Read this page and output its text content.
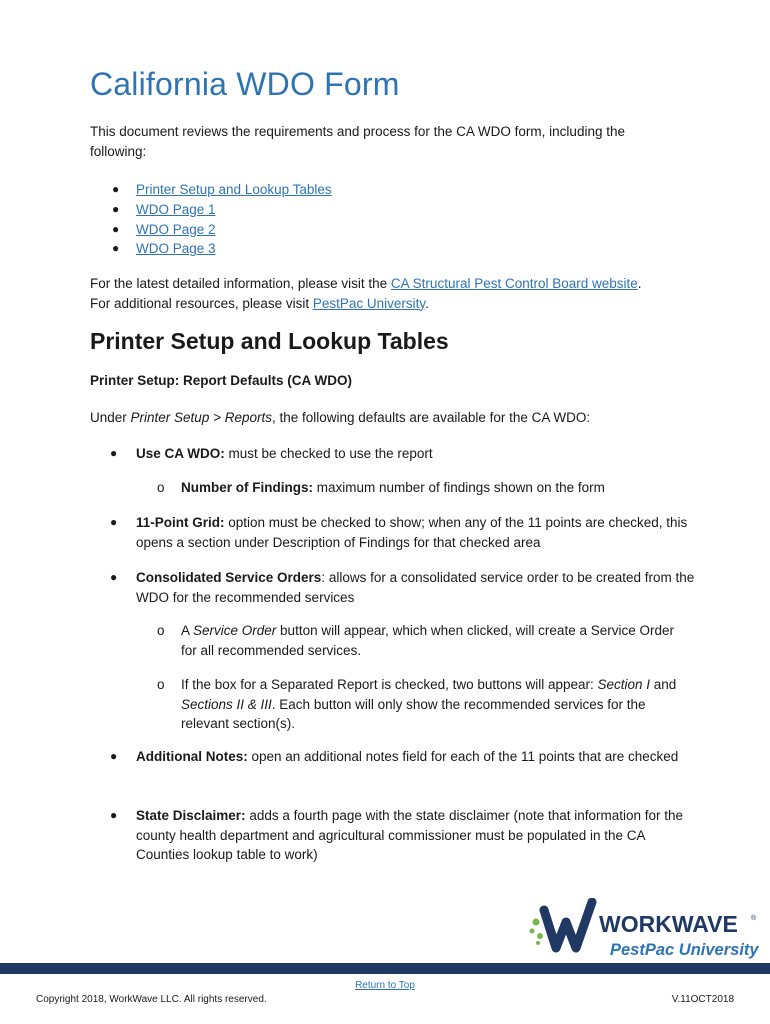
California WDO Form

This document reviews the requirements and process for the CA WDO form, including the
following:

● Printer Setup and Lookup Tables
● WDO Page 1
● WDO Page 2
● WDO Page 3

For the latest detailed information, please visit the CA Structural Pest Control Board website.
For additional resources, please visit PestPac University.

Printer Setup and Lookup Tables
Printer Setup: Report Defaults (CA WDO)

Under Printer Setup > Reports, the following defaults are available for the CA WDO:

● Use CA WDO: must be checked to use the report
o Number of Findings: maximum number of findings shown on the form
● 11-Point Grid: option must be checked to show; when any of the 11 points are checked, this opens a section under Description of Findings for that checked area
● Consolidated Service Orders: allows for a consolidated service order to be created from the WDO for the recommended services
o A Service Order button will appear, which when clicked, will create a Service Order for all recommended services.
o If the box for a Separated Report is checked, two buttons will appear: Section I and Sections II & III. Each button will only show the recommended services for the relevant section(s).
● Additional Notes: open an additional notes field for each of the 11 points that are checked
● State Disclaimer: adds a fourth page with the state disclaimer (note that information for the county health department and agricultural commissioner must be populated in the CA Counties lookup table to work)
WORKWAVE ®
PestPac University
Return to Top
Copyright 2018, WorkWave LLC. All rights reserved.	V.11OCT2018
